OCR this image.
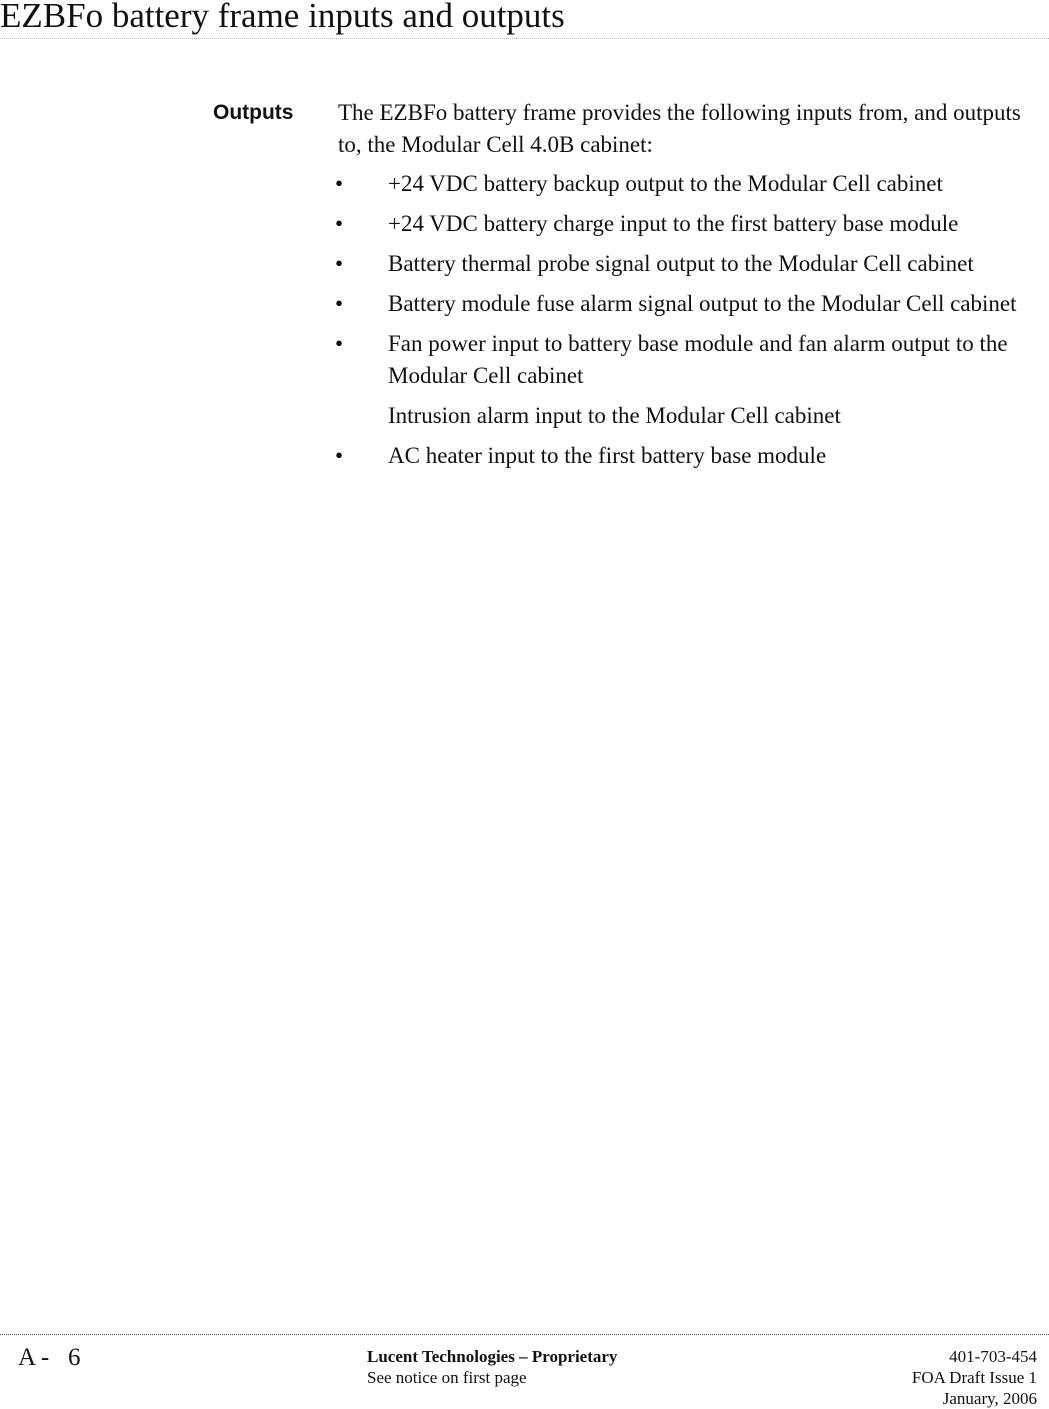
EZBFo battery frame inputs and outputs
Outputs The EZBFo battery frame provides the following inputs from, and outputs to, the Modular Cell 4.0B cabinet:

• +24 VDC battery backup output to the Modular Cell cabinet
• +24 VDC battery charge input to the first battery base module
• Battery thermal probe signal output to the Modular Cell cabinet
• Battery module fuse alarm signal output to the Modular Cell cabinet
• Fan power input to battery base module and fan alarm output to the Modular Cell cabinet
Intrusion alarm input to the Modular Cell cabinet
• AC heater input to the first battery base module
A -   6	Lucent Technologies – Proprietary
See notice on first page
401-703-454
FOA Draft Issue 1
January, 2006
